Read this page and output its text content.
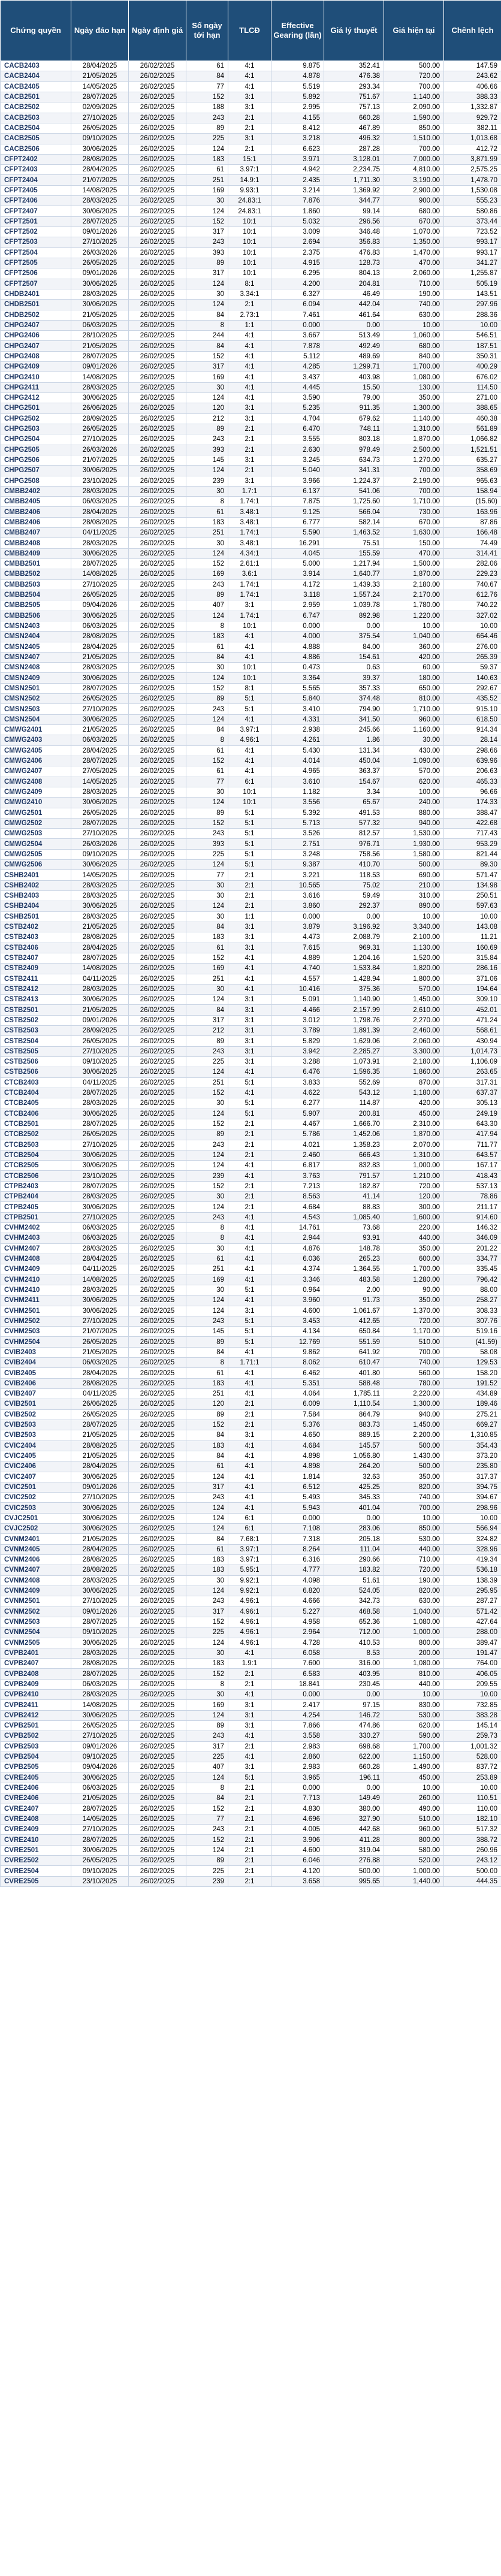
Chứng quyền	Ngày đáo hạn	Ngày định giá	Số ngày tới hạn	TLCĐ	Effective Gearing (lần)	Giá lý thuyết	Giá hiện tại	Chênh lệch
CACB2403	28/04/2025	26/02/2025	61	4:1	9.875	352.41	500.00	147.59
CACB2404	21/05/2025	26/02/2025	84	4:1	4.878	476.38	720.00	243.62
CACB2405	14/05/2025	26/02/2025	77	4:1	5.519	293.34	700.00	406.66
CACB2501	28/07/2025	26/02/2025	152	3:1	5.892	751.67	1,140.00	388.33
CACB2502	02/09/2025	26/02/2025	188	3:1	2.995	757.13	2,090.00	1,332.87
CACB2503	27/10/2025	26/02/2025	243	2:1	4.155	660.28	1,590.00	929.72
CACB2504	26/05/2025	26/02/2025	89	2:1	8.412	467.89	850.00	382.11
CACB2505	09/10/2025	26/02/2025	225	3:1	3.218	496.32	1,510.00	1,013.68
CACB2506	30/06/2025	26/02/2025	124	2:1	6.623	287.28	700.00	412.72
CFPT2402	28/08/2025	26/02/2025	183	15:1	3.971	3,128.01	7,000.00	3,871.99
CFPT2403	28/04/2025	26/02/2025	61	3.97:1	4.942	2,234.75	4,810.00	2,575.25
CFPT2404	21/07/2025	26/02/2025	251	14.9:1	2.435	1,711.30	3,190.00	1,478.70
CFPT2405	14/08/2025	26/02/2025	169	9.93:1	3.214	1,369.92	2,900.00	1,530.08
CFPT2406	28/03/2025	26/02/2025	30	24.83:1	7.876	344.77	900.00	555.23
CFPT2407	30/06/2025	26/02/2025	124	24.83:1	1.860	99.14	680.00	580.86
CFPT2501	28/07/2025	26/02/2025	152	10:1	5.032	296.56	670.00	373.44
CFPT2502	09/01/2026	26/02/2025	317	10:1	3.009	346.48	1,070.00	723.52
CFPT2503	27/10/2025	26/02/2025	243	10:1	2.694	356.83	1,350.00	993.17
CFPT2504	26/03/2026	26/02/2025	393	10:1	2.375	476.83	1,470.00	993.17
CFPT2505	26/05/2025	26/02/2025	89	10:1	4.915	128.73	470.00	341.27
CFPT2506	09/01/2026	26/02/2025	317	10:1	6.295	804.13	2,060.00	1,255.87
CFPT2507	30/06/2025	26/02/2025	124	8:1	4.200	204.81	710.00	505.19
CHDB2401	28/03/2025	26/02/2025	30	3.34:1	6.327	46.49	190.00	143.51
CHDB2501	30/06/2025	26/02/2025	124	2:1	6.094	442.04	740.00	297.96
CHDB2502	21/05/2025	26/02/2025	84	2.73:1	7.461	461.64	630.00	288.36
CHPG2407	06/03/2025	26/02/2025	8	1:1	0.000	0.00	10.00	10.00
CHPG2406	28/10/2025	26/02/2025	244	4:1	3.667	513.49	1,060.00	546.51
CHPG2407	21/05/2025	26/02/2025	84	4:1	7.878	492.49	680.00	187.51
CHPG2408	28/07/2025	26/02/2025	152	4:1	5.112	489.69	840.00	350.31
CHPG2409	09/01/2026	26/02/2025	317	4:1	4.285	1,299.71	1,700.00	400.29
CHPG2410	14/08/2025	26/02/2025	169	4:1	3.437	403.98	1,080.00	676.02
CHPG2411	28/03/2025	26/02/2025	30	4:1	4.445	15.50	130.00	114.50
CHPG2412	30/06/2025	26/02/2025	124	4:1	3.590	79.00	350.00	271.00
CHPG2501	26/06/2025	26/02/2025	120	3:1	5.235	911.35	1,300.00	388.65
CHPG2502	28/09/2025	26/02/2025	212	3:1	4.704	679.62	1,140.00	460.38
CHPG2503	26/05/2025	26/02/2025	89	2:1	6.470	748.11	1,310.00	561.89
CHPG2504	27/10/2025	26/02/2025	243	2:1	3.555	803.18	1,870.00	1,066.82
CHPG2505	26/03/2026	26/02/2025	393	2:1	2.630	978.49	2,500.00	1,521.51
CHPG2506	21/07/2025	26/02/2025	145	3:1	3.245	634.73	1,270.00	635.27
CHPG2507	30/06/2025	26/02/2025	124	2:1	5.040	341.31	700.00	358.69
CHPG2508	23/10/2025	26/02/2025	239	3:1	3.966	1,224.37	2,190.00	965.63
CMBB2402	28/03/2025	26/02/2025	30	1.7:1	6.137	541.06	700.00	158.94
CMBB2405	06/03/2025	26/02/2025	8	1.74:1	7.875	1,725.60	1,710.00	(15.60)
CMBB2406	28/04/2025	26/02/2025	61	3.48:1	9.125	566.04	730.00	163.96
CMBB2406	28/08/2025	26/02/2025	183	3.48:1	6.777	582.14	670.00	87.86
CMBB2407	04/11/2025	26/02/2025	251	1.74:1	5.590	1,463.52	1,630.00	166.48
CMBB2408	28/03/2025	26/02/2025	30	3.48:1	16.291	75.51	150.00	74.49
CMBB2409	30/06/2025	26/02/2025	124	4.34:1	4.045	155.59	470.00	314.41
CMBB2501	28/07/2025	26/02/2025	152	2.61:1	5.000	1,217.94	1,500.00	282.06
CMBB2502	14/08/2025	26/02/2025	169	3.6:1	3.914	1,640.77	1,870.00	229.23
CMBB2503	27/10/2025	26/02/2025	243	1.74:1	4.172	1,439.33	2,180.00	740.67
CMBB2504	26/05/2025	26/02/2025	89	1.74:1	3.118	1,557.24	2,170.00	612.76
CMBB2505	09/04/2026	26/02/2025	407	3:1	2.959	1,039.78	1,780.00	740.22
CMBB2506	30/06/2025	26/02/2025	124	1.74:1	6.747	892.98	1,220.00	327.02
CMSN2403	06/03/2025	26/02/2025	8	10:1	0.000	0.00	10.00	10.00
CMSN2404	28/08/2025	26/02/2025	183	4:1	4.000	375.54	1,040.00	664.46
CMSN2405	28/04/2025	26/02/2025	61	4:1	4.888	84.00	360.00	276.00
CMSN2407	21/05/2025	26/02/2025	84	4:1	4.886	154.61	420.00	265.39
CMSN2408	28/03/2025	26/02/2025	30	10:1	0.473	0.63	60.00	59.37
CMSN2409	30/06/2025	26/02/2025	124	10:1	3.364	39.37	180.00	140.63
CMSN2501	28/07/2025	26/02/2025	152	8:1	5.565	357.33	650.00	292.67
CMSN2502	26/05/2025	26/02/2025	89	5:1	5.840	374.48	810.00	435.52
CMSN2503	27/10/2025	26/02/2025	243	5:1	3.410	794.90	1,710.00	915.10
CMSN2504	30/06/2025	26/02/2025	124	4:1	4.331	341.50	960.00	618.50
CMWG2401	21/05/2025	26/02/2025	84	3.97:1	2.938	245.66	1,160.00	914.34
CMWG2403	06/03/2025	26/02/2025	8	4.96:1	4.261	1.86	30.00	28.14
CMWG2405	28/04/2025	26/02/2025	61	4:1	5.430	131.34	430.00	298.66
CMWG2406	28/07/2025	26/02/2025	152	4:1	4.014	450.04	1,090.00	639.96
CMWG2407	27/05/2025	26/02/2025	61	4:1	4.965	363.37	570.00	206.63
CMWG2408	14/05/2025	26/02/2025	77	6:1	3.610	154.67	620.00	465.33
CMWG2409	28/03/2025	26/02/2025	30	10:1	1.182	3.34	100.00	96.66
CMWG2410	30/06/2025	26/02/2025	124	10:1	3.556	65.67	240.00	174.33
CMWG2501	26/05/2025	26/02/2025	89	5:1	5.392	491.53	880.00	388.47
CMWG2502	28/07/2025	26/02/2025	152	5:1	5.713	577.32	940.00	422.68
CMWG2503	27/10/2025	26/02/2025	243	5:1	3.526	812.57	1,530.00	717.43
CMWG2504	26/03/2026	26/02/2025	393	5:1	2.751	976.71	1,930.00	953.29
CMWG2505	09/10/2025	26/02/2025	225	5:1	3.248	758.56	1,580.00	821.44
CMWG2506	30/06/2025	26/02/2025	124	5:1	9.387	410.70	500.00	89.30
CSHB2401	14/05/2025	26/02/2025	77	2:1	3.221	118.53	690.00	571.47
CSHB2402	28/03/2025	26/02/2025	30	2:1	10.565	75.02	210.00	134.98
CSHB2403	28/03/2025	26/02/2025	30	2:1	3.616	59.49	310.00	250.51
CSHB2404	30/06/2025	26/02/2025	124	2:1	3.860	292.37	890.00	597.63
CSHB2501	28/03/2025	26/02/2025	30	1:1	0.000	0.00	10.00	10.00
CSTB2402	21/05/2025	26/02/2025	84	3:1	3.879	3,196.92	3,340.00	143.08
CSTB2403	28/08/2025	26/02/2025	183	3:1	4.473	2,088.79	2,100.00	11.21
CSTB2406	28/04/2025	26/02/2025	61	3:1	7.615	969.31	1,130.00	160.69
CSTB2407	28/07/2025	26/02/2025	152	4:1	4.889	1,204.16	1,520.00	315.84
CSTB2409	14/08/2025	26/02/2025	169	4:1	4.740	1,533.84	1,820.00	286.16
CSTB2411	04/11/2025	26/02/2025	251	4:1	4.557	1,428.94	1,800.00	371.06
CSTB2412	28/03/2025	26/02/2025	30	4:1	10.416	375.36	570.00	194.64
CSTB2413	30/06/2025	26/02/2025	124	3:1	5.091	1,140.90	1,450.00	309.10
CSTB2501	21/05/2025	26/02/2025	84	3:1	4.466	2,157.99	2,610.00	452.01
CSTB2502	09/01/2026	26/02/2025	317	3:1	3.012	1,798.76	2,270.00	471.24
CSTB2503	28/09/2025	26/02/2025	212	3:1	3.789	1,891.39	2,460.00	568.61
CSTB2504	26/05/2025	26/02/2025	89	3:1	5.829	1,629.06	2,060.00	430.94
CSTB2505	27/10/2025	26/02/2025	243	3:1	3.942	2,285.27	3,300.00	1,014.73
CSTB2506	09/10/2025	26/02/2025	225	3:1	3.288	1,073.91	2,180.00	1,106.09
CSTB2506	30/06/2025	26/02/2025	124	4:1	6.476	1,596.35	1,860.00	263.65
CTCB2403	04/11/2025	26/02/2025	251	5:1	3.833	552.69	870.00	317.31
CTCB2404	28/07/2025	26/02/2025	152	4:1	4.622	543.12	1,180.00	637.37
CTCB2405	28/03/2025	26/02/2025	30	5:1	6.277	114.87	420.00	305.13
CTCB2406	30/06/2025	26/02/2025	124	5:1	5.907	200.81	450.00	249.19
CTCB2501	28/07/2025	26/02/2025	152	2:1	4.467	1,666.70	2,310.00	643.30
CTCB2502	26/05/2025	26/02/2025	89	2:1	5.786	1,452.06	1,870.00	417.94
CTCB2503	27/10/2025	26/02/2025	243	2:1	4.021	1,358.23	2,070.00	711.77
CTCB2504	30/06/2025	26/02/2025	124	2:1	2.460	666.43	1,310.00	643.57
CTCB2505	30/06/2025	26/02/2025	124	4:1	6.817	832.83	1,000.00	167.17
CTCB2506	23/10/2025	26/02/2025	239	4:1	3.763	791.57	1,210.00	418.43
CTPB2403	28/07/2025	26/02/2025	152	2:1	7.213	182.87	720.00	537.13
CTPB2404	28/03/2025	26/02/2025	30	2:1	8.563	41.14	120.00	78.86
CTPB2405	30/06/2025	26/02/2025	124	2:1	4.684	88.83	300.00	211.17
CTPB2501	27/10/2025	26/02/2025	243	4:1	4.543	1,085.40	1,600.00	914.60
CVHM2402	06/03/2025	26/02/2025	8	4:1	14.761	73.68	220.00	146.32
CVHM2403	06/03/2025	26/02/2025	8	4:1	2.944	93.91	440.00	346.09
CVHM2407	28/03/2025	26/02/2025	30	4:1	4.876	148.78	350.00	201.22
CVHM2408	28/04/2025	26/02/2025	61	4:1	6.036	265.23	600.00	334.77
CVHM2409	04/11/2025	26/02/2025	251	4:1	4.374	1,364.55	1,700.00	335.45
CVHM2410	14/08/2025	26/02/2025	169	4:1	3.346	483.58	1,280.00	796.42
CVHM2410	28/03/2025	26/02/2025	30	5:1	0.964	2.00	90.00	88.00
CVHM2411	30/06/2025	26/02/2025	124	4:1	3.960	91.73	350.00	258.27
CVHM2501	30/06/2025	26/02/2025	124	3:1	4.600	1,061.67	1,370.00	308.33
CVHM2502	27/10/2025	26/02/2025	243	5:1	3.453	412.65	720.00	307.76
CVHM2503	21/07/2025	26/02/2025	145	5:1	4.134	650.84	1,170.00	519.16
CVHM2504	26/05/2025	26/02/2025	89	5:1	12.769	551.59	510.00	(41.59)
CVIB2403	21/05/2025	26/02/2025	84	4:1	9.862	641.92	700.00	58.08
CVIB2404	06/03/2025	26/02/2025	8	1.71:1	8.062	610.47	740.00	129.53
CVIB2405	28/04/2025	26/02/2025	61	4:1	6.462	401.80	560.00	158.20
CVIB2406	28/08/2025	26/02/2025	183	4:1	5.351	588.48	780.00	191.52
CVIB2407	04/11/2025	26/02/2025	251	4:1	4.064	1,785.11	2,220.00	434.89
CVIB2501	26/06/2025	26/02/2025	120	2:1	6.009	1,110.54	1,300.00	189.46
CVIB2502	26/05/2025	26/02/2025	89	2:1	7.584	864.79	940.00	275.21
CVIB2503	28/07/2025	26/02/2025	152	2:1	5.376	883.73	1,450.00	669.27
CVIB2503	21/05/2025	26/02/2025	84	3:1	4.650	889.15	2,200.00	1,310.85
CVIC2404	28/08/2025	26/02/2025	183	4:1	4.684	145.57	500.00	354.43
CVIC2405	21/05/2025	26/02/2025	84	4:1	4.898	1,056.80	1,430.00	373.20
CVIC2406	28/04/2025	26/02/2025	61	4:1	4.898	264.20	500.00	235.80
CVIC2407	30/06/2025	26/02/2025	124	4:1	1.814	32.63	350.00	317.37
CVIC2501	09/01/2026	26/02/2025	317	4:1	6.512	425.25	820.00	394.75
CVIC2502	27/10/2025	26/02/2025	243	4:1	5.493	345.33	740.00	394.67
CVIC2503	30/06/2025	26/02/2025	124	4:1	5.943	401.04	700.00	298.96
CVJC2501	30/06/2025	26/02/2025	124	6:1	0.000	0.00	10.00	10.00
CVJC2502	30/06/2025	26/02/2025	124	6:1	7.108	283.06	850.00	566.94
CVNM2401	21/05/2025	26/02/2025	84	7.68:1	7.318	205.18	530.00	324.82
CVNM2405	28/04/2025	26/02/2025	61	3.97:1	8.264	111.04	440.00	328.96
CVNM2406	28/08/2025	26/02/2025	183	3.97:1	6.316	290.66	710.00	419.34
CVNM2407	28/08/2025	26/02/2025	183	5.95:1	4.777	183.82	720.00	536.18
CVNM2408	28/03/2025	26/02/2025	30	9.92:1	4.098	51.61	190.00	138.39
CVNM2409	30/06/2025	26/02/2025	124	9.92:1	6.820	524.05	820.00	295.95
CVNM2501	27/10/2025	26/02/2025	243	4.96:1	4.666	342.73	630.00	287.27
CVNM2502	09/01/2026	26/02/2025	317	4.96:1	5.227	468.58	1,040.00	571.42
CVNM2503	28/07/2025	26/02/2025	152	4.96:1	4.958	652.36	1,080.00	427.64
CVNM2504	09/10/2025	26/02/2025	225	4.96:1	2.964	712.00	1,000.00	288.00
CVNM2505	30/06/2025	26/02/2025	124	4.96:1	4.728	410.53	800.00	389.47
CVPB2401	28/03/2025	26/02/2025	30	4:1	6.058	8.53	200.00	191.47
CVPB2407	28/08/2025	26/02/2025	183	1.9:1	7.600	316.00	1,080.00	764.00
CVPB2408	28/07/2025	26/02/2025	152	2:1	6.583	403.95	810.00	406.05
CVPB2409	06/03/2025	26/02/2025	8	2:1	18.841	230.45	440.00	209.55
CVPB2410	28/03/2025	26/02/2025	30	4:1	0.000	0.00	10.00	10.00
CVPB2411	14/08/2025	26/02/2025	169	3:1	2.417	97.15	830.00	732.85
CVPB2412	30/06/2025	26/02/2025	124	3:1	4.254	146.72	530.00	383.28
CVPB2501	26/05/2025	26/02/2025	89	3:1	7.866	474.86	620.00	145.14
CVPB2502	27/10/2025	26/02/2025	243	4:1	3.558	330.27	590.00	259.73
CVPB2503	09/01/2026	26/02/2025	317	2:1	2.983	698.68	1,700.00	1,001.32
CVPB2504	09/10/2025	26/02/2025	225	4:1	2.860	622.00	1,150.00	528.00
CVPB2505	09/04/2026	26/02/2025	407	3:1	2.983	660.28	1,490.00	837.72
CVRE2405	30/06/2025	26/02/2025	124	5:1	3.965	196.11	450.00	253.89
CVRE2406	06/03/2025	26/02/2025	8	2:1	0.000	0.00	10.00	10.00
CVRE2406	21/05/2025	26/02/2025	84	2:1	7.713	149.49	260.00	110.51
CVRE2407	28/07/2025	26/02/2025	152	2:1	4.830	380.00	490.00	110.00
CVRE2408	14/05/2025	26/02/2025	77	2:1	4.696	327.90	510.00	182.10
CVRE2409	27/10/2025	26/02/2025	243	2:1	4.005	442.68	960.00	517.32
CVRE2410	28/07/2025	26/02/2025	152	2:1	3.906	411.28	800.00	388.72
CVRE2501	30/06/2025	26/02/2025	124	2:1	4.600	319.04	580.00	260.96
CVRE2502	26/05/2025	26/02/2025	89	2:1	6.046	276.88	520.00	243.12
CVRE2504	09/10/2025	26/02/2025	225	2:1	4.120	500.00	1,000.00	500.00
CVRE2505	23/10/2025	26/02/2025	239	2:1	3.658	995.65	1,440.00	444.35
